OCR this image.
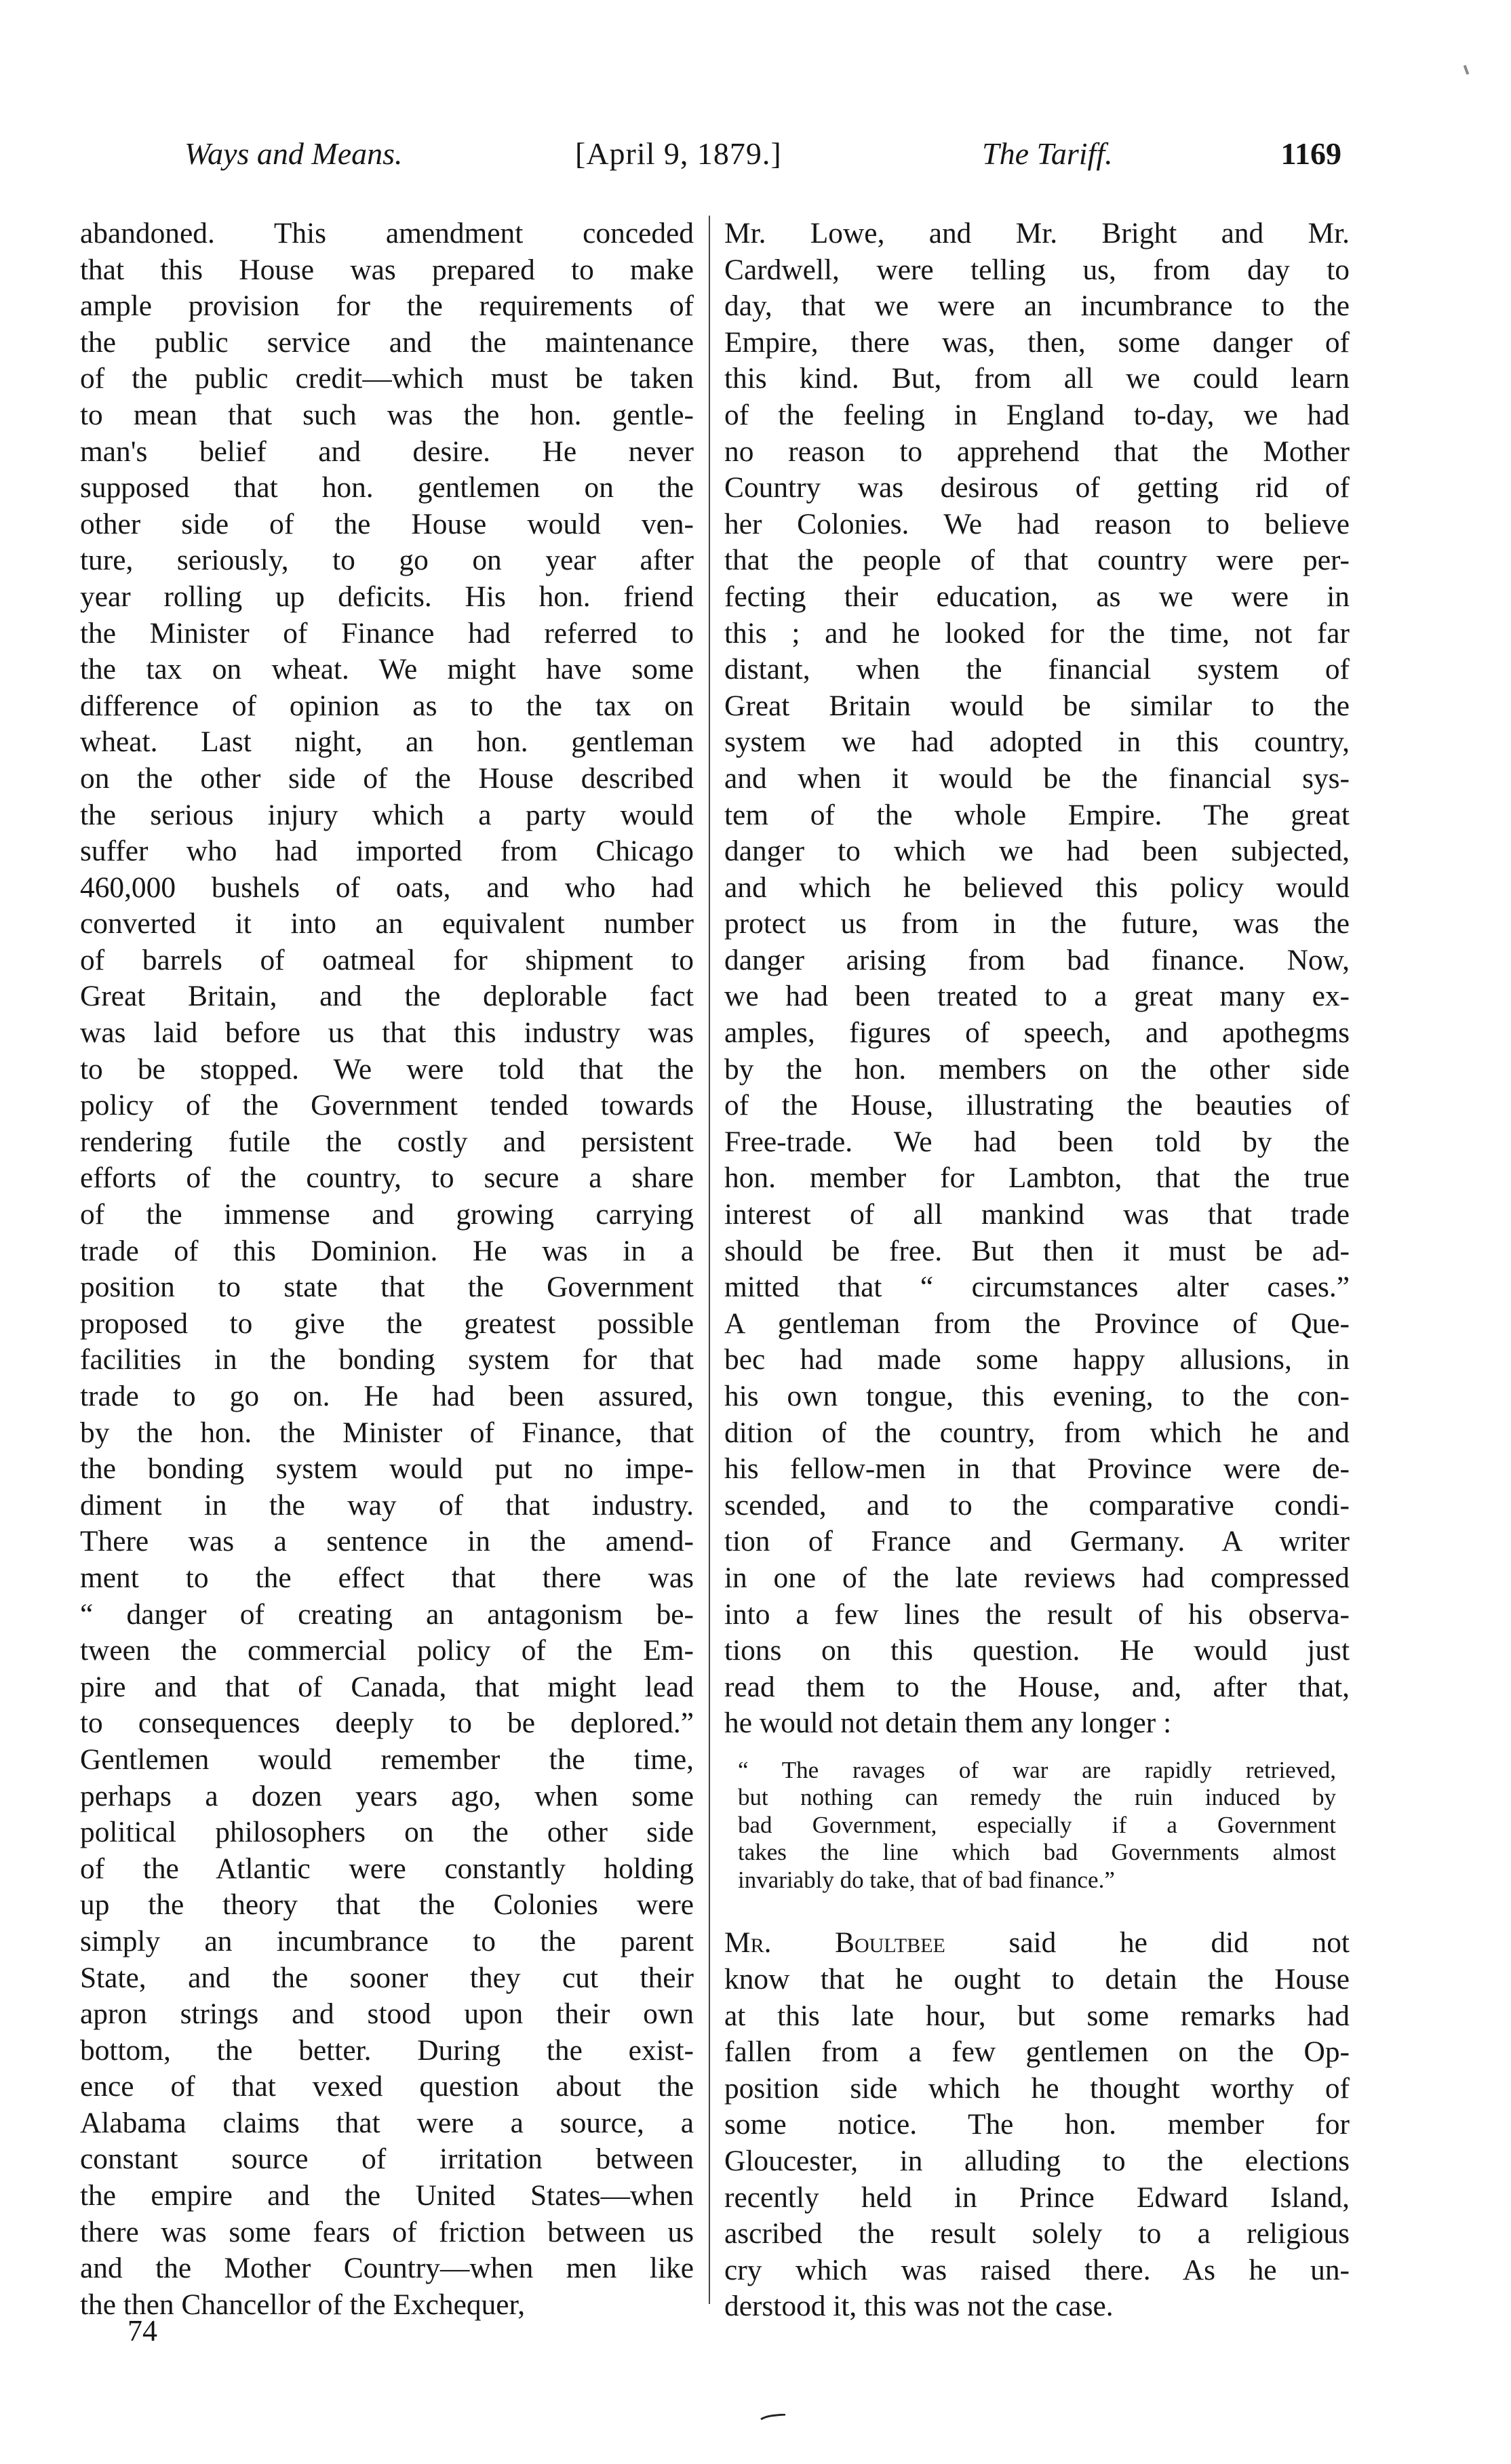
Ways and Means.	[April 9, 1879.]	The Tariff.	1169
abandoned. This amendment conceded
that this House was prepared to make
ample provision for the requirements of
the public service and the maintenance
of the public credit—which must be taken
to mean that such was the hon. gentle-
man's belief and desire. He never
supposed that hon. gentlemen on the
other side of the House would ven-
ture, seriously, to go on year after
year rolling up deficits. His hon. friend
the Minister of Finance had referred to
the tax on wheat. We might have some
difference of opinion as to the tax on
wheat. Last night, an hon. gentleman
on the other side of the House described
the serious injury which a party would
suffer who had imported from Chicago
460,000 bushels of oats, and who had
converted it into an equivalent number
of barrels of oatmeal for shipment to
Great Britain, and the deplorable fact
was laid before us that this industry was
to be stopped. We were told that the
policy of the Government tended towards
rendering futile the costly and persistent
efforts of the country, to secure a share
of the immense and growing carrying
trade of this Dominion. He was in a
position to state that the Government
proposed to give the greatest possible
facilities in the bonding system for that
trade to go on. He had been assured,
by the hon. the Minister of Finance, that
the bonding system would put no impe-
diment in the way of that industry.
There was a sentence in the amend-
ment to the effect that there was
“ danger of creating an antagonism be-
tween the commercial policy of the Em-
pire and that of Canada, that might lead
to consequences deeply to be deplored.”
Gentlemen would remember the time,
perhaps a dozen years ago, when some
political philosophers on the other side
of the Atlantic were constantly holding
up the theory that the Colonies were
simply an incumbrance to the parent
State, and the sooner they cut their
apron strings and stood upon their own
bottom, the better. During the exist-
ence of that vexed question about the
Alabama claims that were a source, a
constant source of irritation between
the empire and the United States—when
there was some fears of friction between us
and the Mother Country—when men like
the then Chancellor of the Exchequer,
Mr. Lowe, and Mr. Bright and Mr.
Cardwell, were telling us, from day to
day, that we were an incumbrance to the
Empire, there was, then, some danger of
this kind. But, from all we could learn
of the feeling in England to-day, we had
no reason to apprehend that the Mother
Country was desirous of getting rid of
her Colonies. We had reason to believe
that the people of that country were per-
fecting their education, as we were in
this ; and he looked for the time, not far
distant, when the financial system of
Great Britain would be similar to the
system we had adopted in this country,
and when it would be the financial sys-
tem of the whole Empire. The great
danger to which we had been subjected,
and which he believed this policy would
protect us from in the future, was the
danger arising from bad finance. Now,
we had been treated to a great many ex-
amples, figures of speech, and apothegms
by the hon. members on the other side
of the House, illustrating the beauties of
Free-trade. We had been told by the
hon. member for Lambton, that the true
interest of all mankind was that trade
should be free. But then it must be ad-
mitted that “ circumstances alter cases.”
A gentleman from the Province of Que-
bec had made some happy allusions, in
his own tongue, this evening, to the con-
dition of the country, from which he and
his fellow-men in that Province were de-
scended, and to the comparative condi-
tion of France and Germany. A writer
in one of the late reviews had compressed
into a few lines the result of his observa-
tions on this question. He would just
read them to the House, and, after that,
he would not detain them any longer :
“ The ravages of war are rapidly retrieved,
but nothing can remedy the ruin induced by
bad Government, especially if a Government
takes the line which bad Governments almost
invariably do take, that of bad finance.”
Mr. Boultbee said he did not
know that he ought to detain the House
at this late hour, but some remarks had
fallen from a few gentlemen on the Op-
position side which he thought worthy of
some notice. The hon. member for
Gloucester, in alluding to the elections
recently held in Prince Edward Island,
ascribed the result solely to a religious
cry which was raised there. As he un-
derstood it, this was not the case.
74
